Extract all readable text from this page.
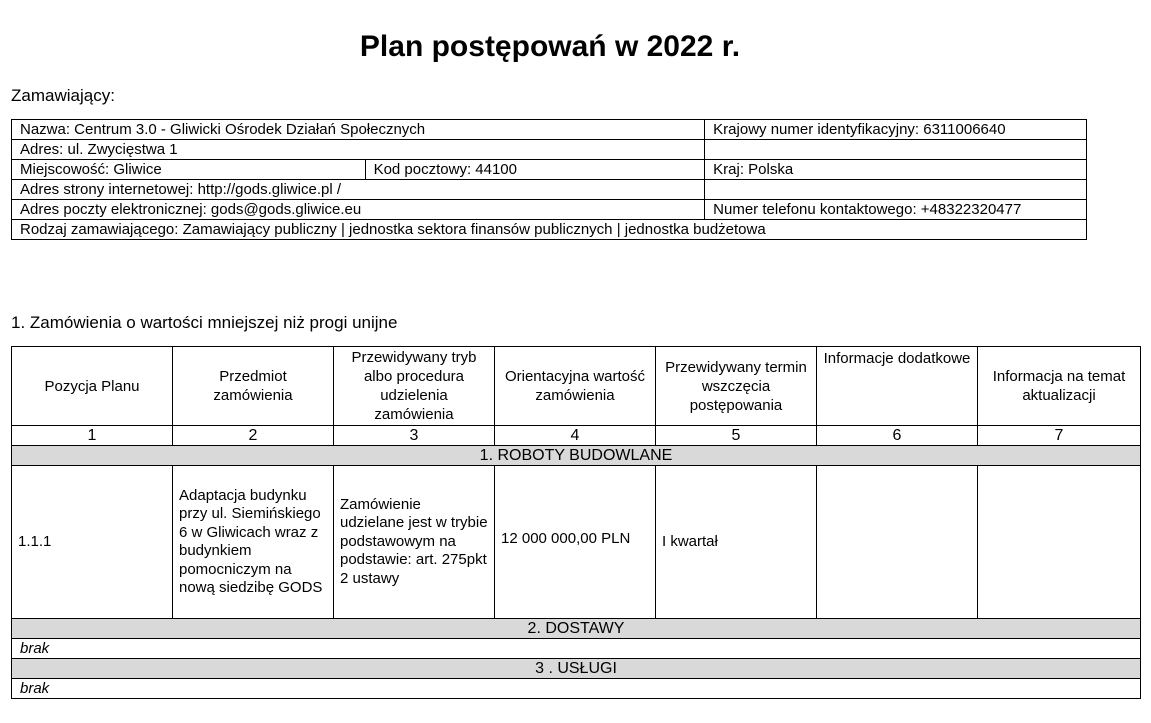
Plan postępowań w 2022 r.
Zamawiający:
Nazwa: Centrum 3.0 - Gliwicki Ośrodek Działań Społecznych		Krajowy numer identyfikacyjny: 6311006640
Adres: ul. Zwycięstwa 1		
Miejscowość: Gliwice	Kod pocztowy: 44100	Kraj: Polska
Adres strony internetowej: http://gods.gliwice.pl /		
Adres poczty elektronicznej: gods@gods.gliwice.eu		Numer telefonu kontaktowego: +48322320477
Rodzaj zamawiającego: Zamawiający publiczny | jednostka sektora finansów publicznych | jednostka budżetowa		
1. Zamówienia o wartości mniejszej niż progi unijne
Pozycja Planu	Przedmiot zamówienia	Przewidywany tryb albo procedura udzielenia zamówienia	Orientacyjna wartość zamówienia	Przewidywany termin wszczęcia postępowania	Informacje dodatkowe	Informacja na temat aktualizacji
1	2	3	4	5	6	7
1. ROBOTY BUDOWLANE						
1.1.1	Adaptacja budynku przy ul. Siemińskiego 6 w Gliwicach wraz z budynkiem pomocniczym na nową siedzibę GODS	Zamówienie udzielane jest w trybie podstawowym na podstawie: art. 275pkt 2 ustawy	12 000 000,00 PLN	I kwartał		
2. DOSTAWY						
brak						
3 . USŁUGI						
brak						
